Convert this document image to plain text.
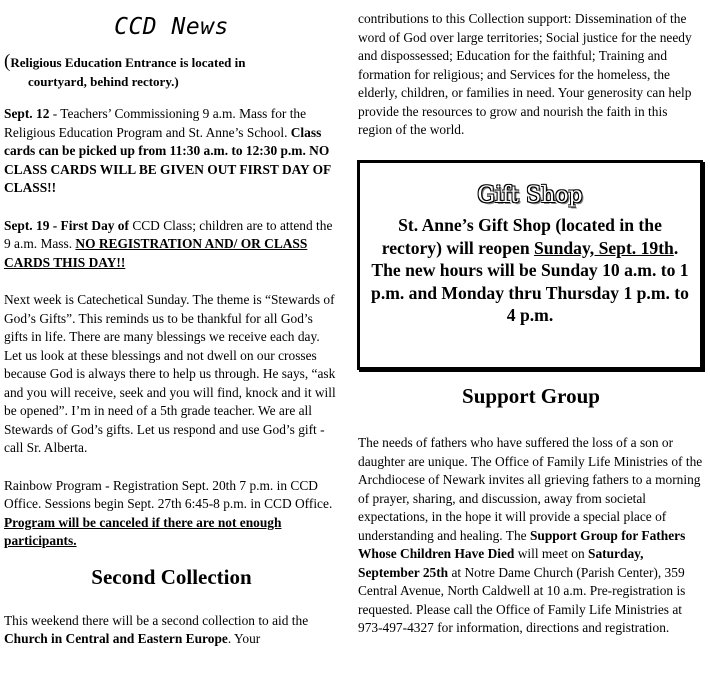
CCD News
(Religious Education Entrance is located in
courtyard, behind rectory.)

Sept. 12 - Teachers’ Commissioning 9 a.m. Mass for the Religious Education Program and St. Anne’s School. Class cards can be picked up from 11:30 a.m. to 12:30 p.m. NO CLASS CARDS WILL BE GIVEN OUT FIRST DAY OF CLASS!!

Sept. 19 - First Day of CCD Class; children are to attend the 9 a.m. Mass. NO REGISTRATION AND/ OR CLASS CARDS THIS DAY!!

Next week is Catechetical Sunday. The theme is “Stewards of God’s Gifts”. This reminds us to be thankful for all God’s gifts in life. There are many blessings we receive each day. Let us look at these blessings and not dwell on our crosses because God is always there to help us through. He says, “ask and you will receive, seek and you will find, knock and it will be opened”. I’m in need of a 5th grade teacher. We are all Stewards of God’s gifts. Let us respond and use God’s gift - call Sr. Alberta.

Rainbow Program - Registration Sept. 20th 7 p.m. in CCD Office. Sessions begin Sept. 27th 6:45-8 p.m. in CCD Office. Program will be canceled if there are not enough participants.

Second Collection

This weekend there will be a second collection to aid the Church in Central and Eastern Europe. Your

contributions to this Collection support: Dissemination of the word of God over large territories; Social justice for the needy and dispossessed; Education for the faithful; Training and formation for religious; and Services for the homeless, the elderly, children, or families in need. Your generosity can help provide the resources to grow and nourish the faith in this region of the world.

Gift Shop
St. Anne’s Gift Shop (located in the rectory) will reopen Sunday, Sept. 19th. The new hours will be Sunday 10 a.m. to 1 p.m. and Monday thru Thursday 1 p.m. to 4 p.m.
Support Group

The needs of fathers who have suffered the loss of a son or daughter are unique. The Office of Family Life Ministries of the Archdiocese of Newark invites all grieving fathers to a morning of prayer, sharing, and discussion, away from societal expectations, in the hope it will provide a special place of understanding and healing. The Support Group for Fathers Whose Children Have Died will meet on Saturday, September 25th at Notre Dame Church (Parish Center), 359 Central Avenue, North Caldwell at 10 a.m. Pre-registration is requested. Please call the Office of Family Life Ministries at 973-497-4327 for information, directions and registration.
